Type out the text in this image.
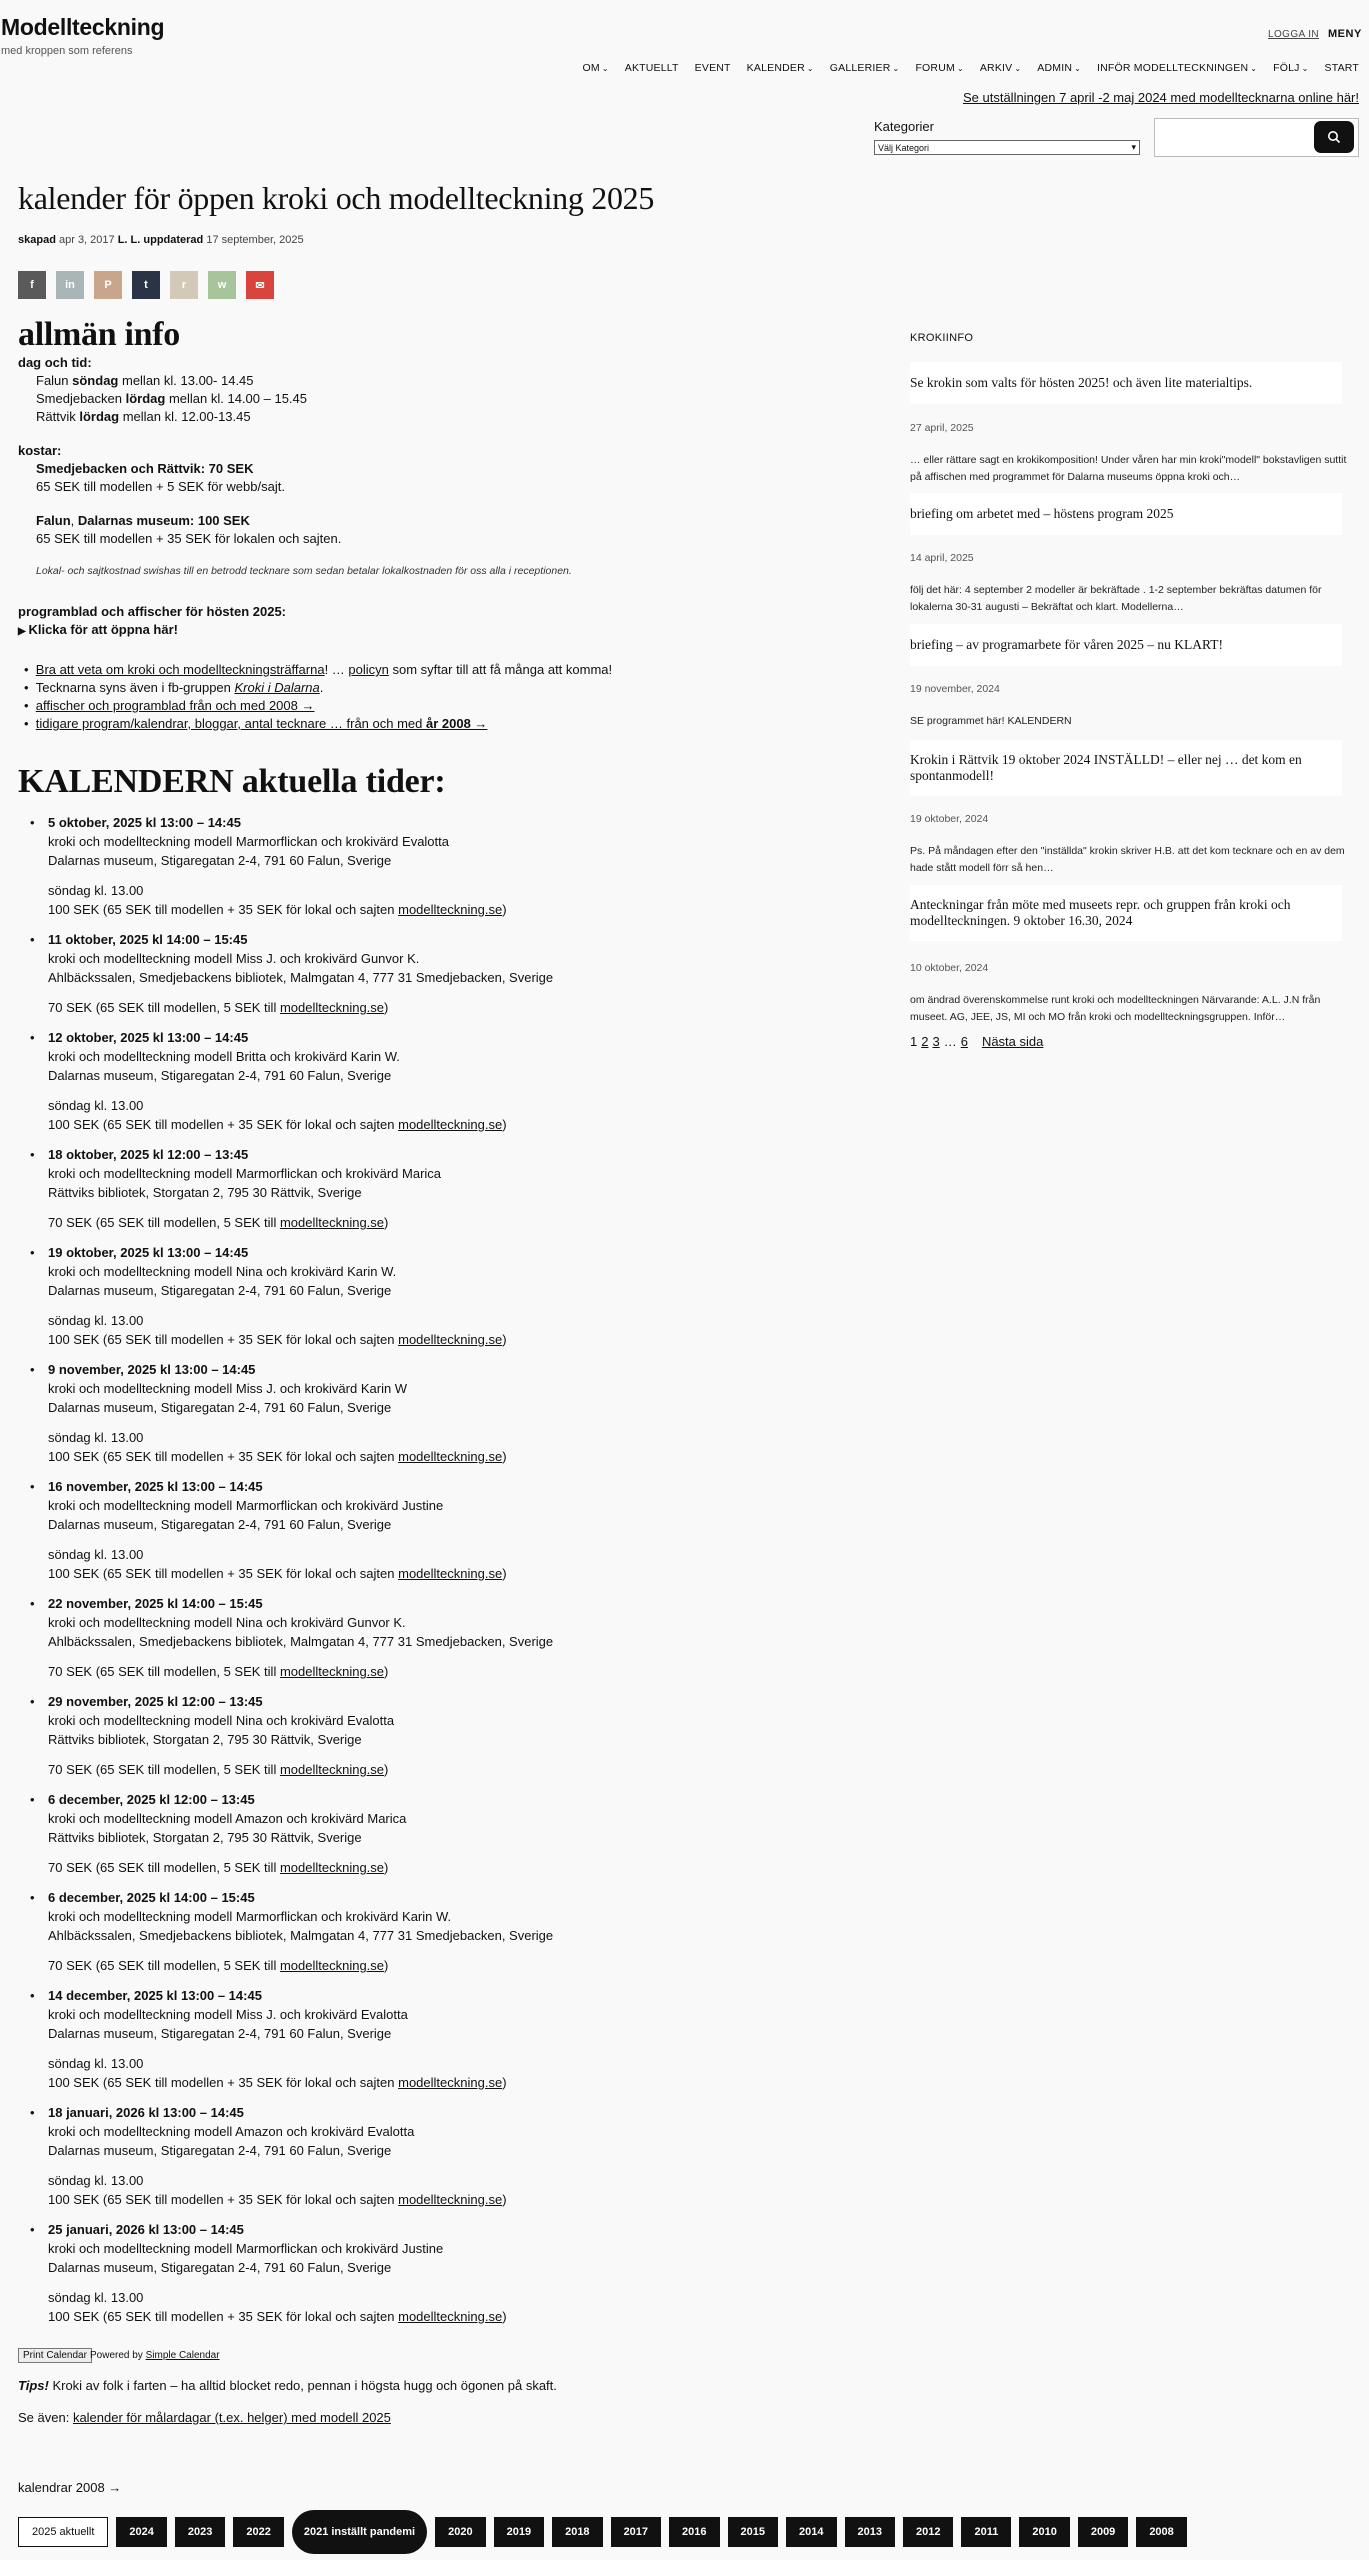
Modellteckning
med kroppen som referens
LOGGA IN MENY
OM ⌄ AKTUELLT EVENT KALENDER ⌄ GALLERIER ⌄ FORUM ⌄ ARKIV ⌄ ADMIN ⌄ INFÖR MODELLTECKNINGEN ⌄ FÖLJ ⌄ START
Se utställningen 7 april -2 maj 2024 med modelltecknarna online här!
Kategorier
Välj Kategori	▾
kalender för öppen kroki och modellteckning 2025
skapad apr 3, 2017 L. L. uppdaterad 17 september, 2025
f	in	P	t	r	w	✉
allmän info
dag och tid:
Falun söndag mellan kl. 13.00- 14.45
Smedjebacken lördag mellan kl. 14.00 – 15.45
Rättvik lördag mellan kl. 12.00-13.45
kostar:
Smedjebacken och Rättvik: 70 SEK
65 SEK till modellen + 5 SEK för webb/sajt.
Falun, Dalarnas museum: 100 SEK
65 SEK till modellen + 35 SEK för lokalen och sajten.
Lokal- och sajtkostnad swishas till en betrodd tecknare som sedan betalar lokalkostnaden för oss alla i receptionen.
programblad och affischer för hösten 2025:
▶ Klicka för att öppna här!
•  Bra att veta om kroki och modellteckningsträffarna! … policyn som syftar till att få många att komma!
•  Tecknarna syns även i fb-gruppen Kroki i Dalarna.
•  affischer och programblad från och med 2008 →
•  tidigare program/kalendrar, bloggar, antal tecknare … från och med år 2008 →
KALENDERN aktuella tider:
• 5 oktober, 2025 kl 13:00 – 14:45
kroki och modellteckning modell Marmorflickan och krokivärd Evalotta
Dalarnas museum, Stigaregatan 2-4, 791 60 Falun, Sverige
söndag kl. 13.00
100 SEK (65 SEK till modellen + 35 SEK för lokal och sajten modellteckning.se)
• 11 oktober, 2025 kl 14:00 – 15:45
kroki och modellteckning modell Miss J. och krokivärd Gunvor K.
Ahlbäckssalen, Smedjebackens bibliotek, Malmgatan 4, 777 31 Smedjebacken, Sverige
70 SEK (65 SEK till modellen, 5 SEK till modellteckning.se)
• 12 oktober, 2025 kl 13:00 – 14:45
kroki och modellteckning modell Britta och krokivärd Karin W.
Dalarnas museum, Stigaregatan 2-4, 791 60 Falun, Sverige
söndag kl. 13.00
100 SEK (65 SEK till modellen + 35 SEK för lokal och sajten modellteckning.se)
• 18 oktober, 2025 kl 12:00 – 13:45
kroki och modellteckning modell Marmorflickan och krokivärd Marica
Rättviks bibliotek, Storgatan 2, 795 30 Rättvik, Sverige
70 SEK (65 SEK till modellen, 5 SEK till modellteckning.se)
• 19 oktober, 2025 kl 13:00 – 14:45
kroki och modellteckning modell Nina och krokivärd Karin W.
Dalarnas museum, Stigaregatan 2-4, 791 60 Falun, Sverige
söndag kl. 13.00
100 SEK (65 SEK till modellen + 35 SEK för lokal och sajten modellteckning.se)
• 9 november, 2025 kl 13:00 – 14:45
kroki och modellteckning modell Miss J. och krokivärd Karin W
Dalarnas museum, Stigaregatan 2-4, 791 60 Falun, Sverige
söndag kl. 13.00
100 SEK (65 SEK till modellen + 35 SEK för lokal och sajten modellteckning.se)
• 16 november, 2025 kl 13:00 – 14:45
kroki och modellteckning modell Marmorflickan och krokivärd Justine
Dalarnas museum, Stigaregatan 2-4, 791 60 Falun, Sverige
söndag kl. 13.00
100 SEK (65 SEK till modellen + 35 SEK för lokal och sajten modellteckning.se)
• 22 november, 2025 kl 14:00 – 15:45
kroki och modellteckning modell Nina och krokivärd Gunvor K.
Ahlbäckssalen, Smedjebackens bibliotek, Malmgatan 4, 777 31 Smedjebacken, Sverige
70 SEK (65 SEK till modellen, 5 SEK till modellteckning.se)
• 29 november, 2025 kl 12:00 – 13:45
kroki och modellteckning modell Nina och krokivärd Evalotta
Rättviks bibliotek, Storgatan 2, 795 30 Rättvik, Sverige
70 SEK (65 SEK till modellen, 5 SEK till modellteckning.se)
• 6 december, 2025 kl 12:00 – 13:45
kroki och modellteckning modell Amazon och krokivärd Marica
Rättviks bibliotek, Storgatan 2, 795 30 Rättvik, Sverige
70 SEK (65 SEK till modellen, 5 SEK till modellteckning.se)
• 6 december, 2025 kl 14:00 – 15:45
kroki och modellteckning modell Marmorflickan och krokivärd Karin W.
Ahlbäckssalen, Smedjebackens bibliotek, Malmgatan 4, 777 31 Smedjebacken, Sverige
70 SEK (65 SEK till modellen, 5 SEK till modellteckning.se)
• 14 december, 2025 kl 13:00 – 14:45
kroki och modellteckning modell Miss J. och krokivärd Evalotta
Dalarnas museum, Stigaregatan 2-4, 791 60 Falun, Sverige
söndag kl. 13.00
100 SEK (65 SEK till modellen + 35 SEK för lokal och sajten modellteckning.se)
• 18 januari, 2026 kl 13:00 – 14:45
kroki och modellteckning modell Amazon och krokivärd Evalotta
Dalarnas museum, Stigaregatan 2-4, 791 60 Falun, Sverige
söndag kl. 13.00
100 SEK (65 SEK till modellen + 35 SEK för lokal och sajten modellteckning.se)
• 25 januari, 2026 kl 13:00 – 14:45
kroki och modellteckning modell Marmorflickan och krokivärd Justine
Dalarnas museum, Stigaregatan 2-4, 791 60 Falun, Sverige
söndag kl. 13.00
100 SEK (65 SEK till modellen + 35 SEK för lokal och sajten modellteckning.se)
Print Calendar Powered by Simple Calendar
Tips! Kroki av folk i farten – ha alltid blocket redo, pennan i högsta hugg och ögonen på skaft.
Se även: kalender för målardagar (t.ex. helger) med modell 2025
kalendrar 2008 →
2025 aktuellt	2024	2023	2022	2021 inställt pandemi	2020	2019	2018	2017	2016	2015	2014	2013	2012	2011	2010	2009	2008
KROKIINFO
Se krokin som valts för hösten 2025! och även lite materialtips.
27 april, 2025
… eller rättare sagt en krokikomposition! Under våren har min kroki"modell" bokstavligen suttit på affischen med programmet för Dalarna museums öppna kroki och…
briefing om arbetet med – höstens program 2025
14 april, 2025
följ det här: 4 september 2 modeller är bekräftade . 1-2 september bekräftas datumen för lokalerna 30-31 augusti – Bekräftat och klart. Modellerna…
briefing – av programarbete för våren 2025 – nu KLART!
19 november, 2024
SE programmet här! KALENDERN
Krokin i Rättvik 19 oktober 2024 INSTÄLLD! – eller nej … det kom en spontanmodell!
19 oktober, 2024
Ps. På måndagen efter den "inställda" krokin skriver H.B. att det kom tecknare och en av dem hade stått modell förr så hen…
Anteckningar från möte med museets repr. och gruppen från kroki och modellteckningen. 9 oktober 16.30, 2024
10 oktober, 2024
om ändrad överenskommelse runt kroki och modellteckningen Närvarande: A.L. J.N från museet. AG, JEE, JS, MI och MO från kroki och modellteckningsgruppen. Inför…
1 2 3 … 6 Nästa sida
